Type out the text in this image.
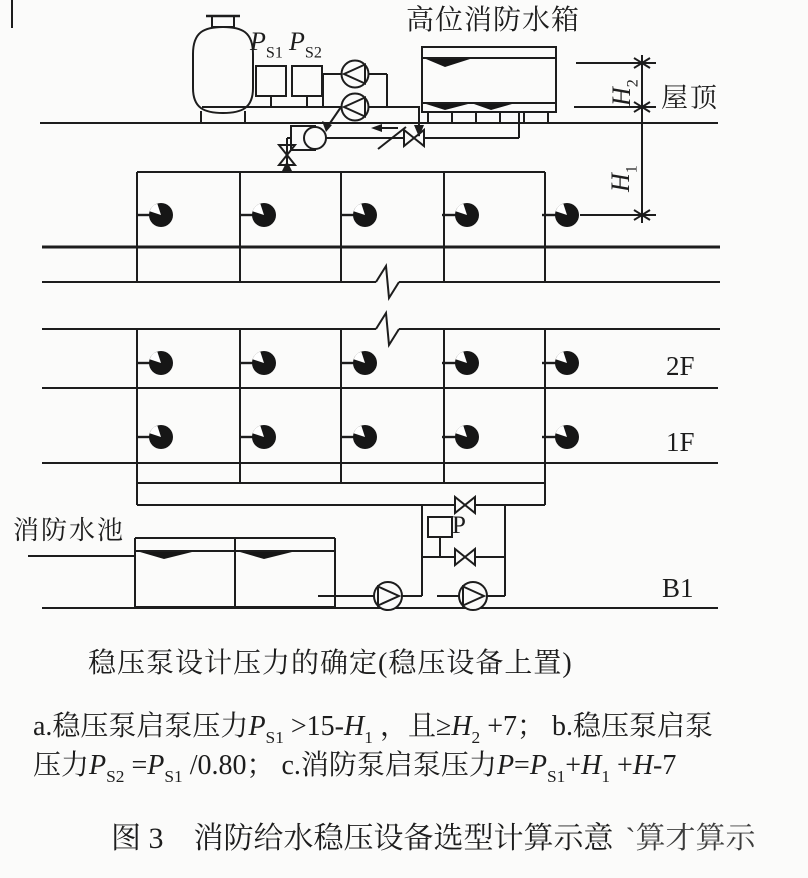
高位消防水箱
屋顶
$P_{S1}$ $P_{S2}$
$H_2$
$H_1$
2F
1F
B1
消防水池	P
稳压泵设计压力的确定(稳压设备上置)
a.稳压泵启泵压力$P_{S1} >15-H_1$ ，且$\ge H_2 +7$； b.稳压泵启泵
压力$P_{S2} =P_{S1}$ /0.80； c.消防泵启泵压力$P=P_{S1}+H_1 +H-7$
图 3 消防给水稳压设备选型计算示意 `算才算示
